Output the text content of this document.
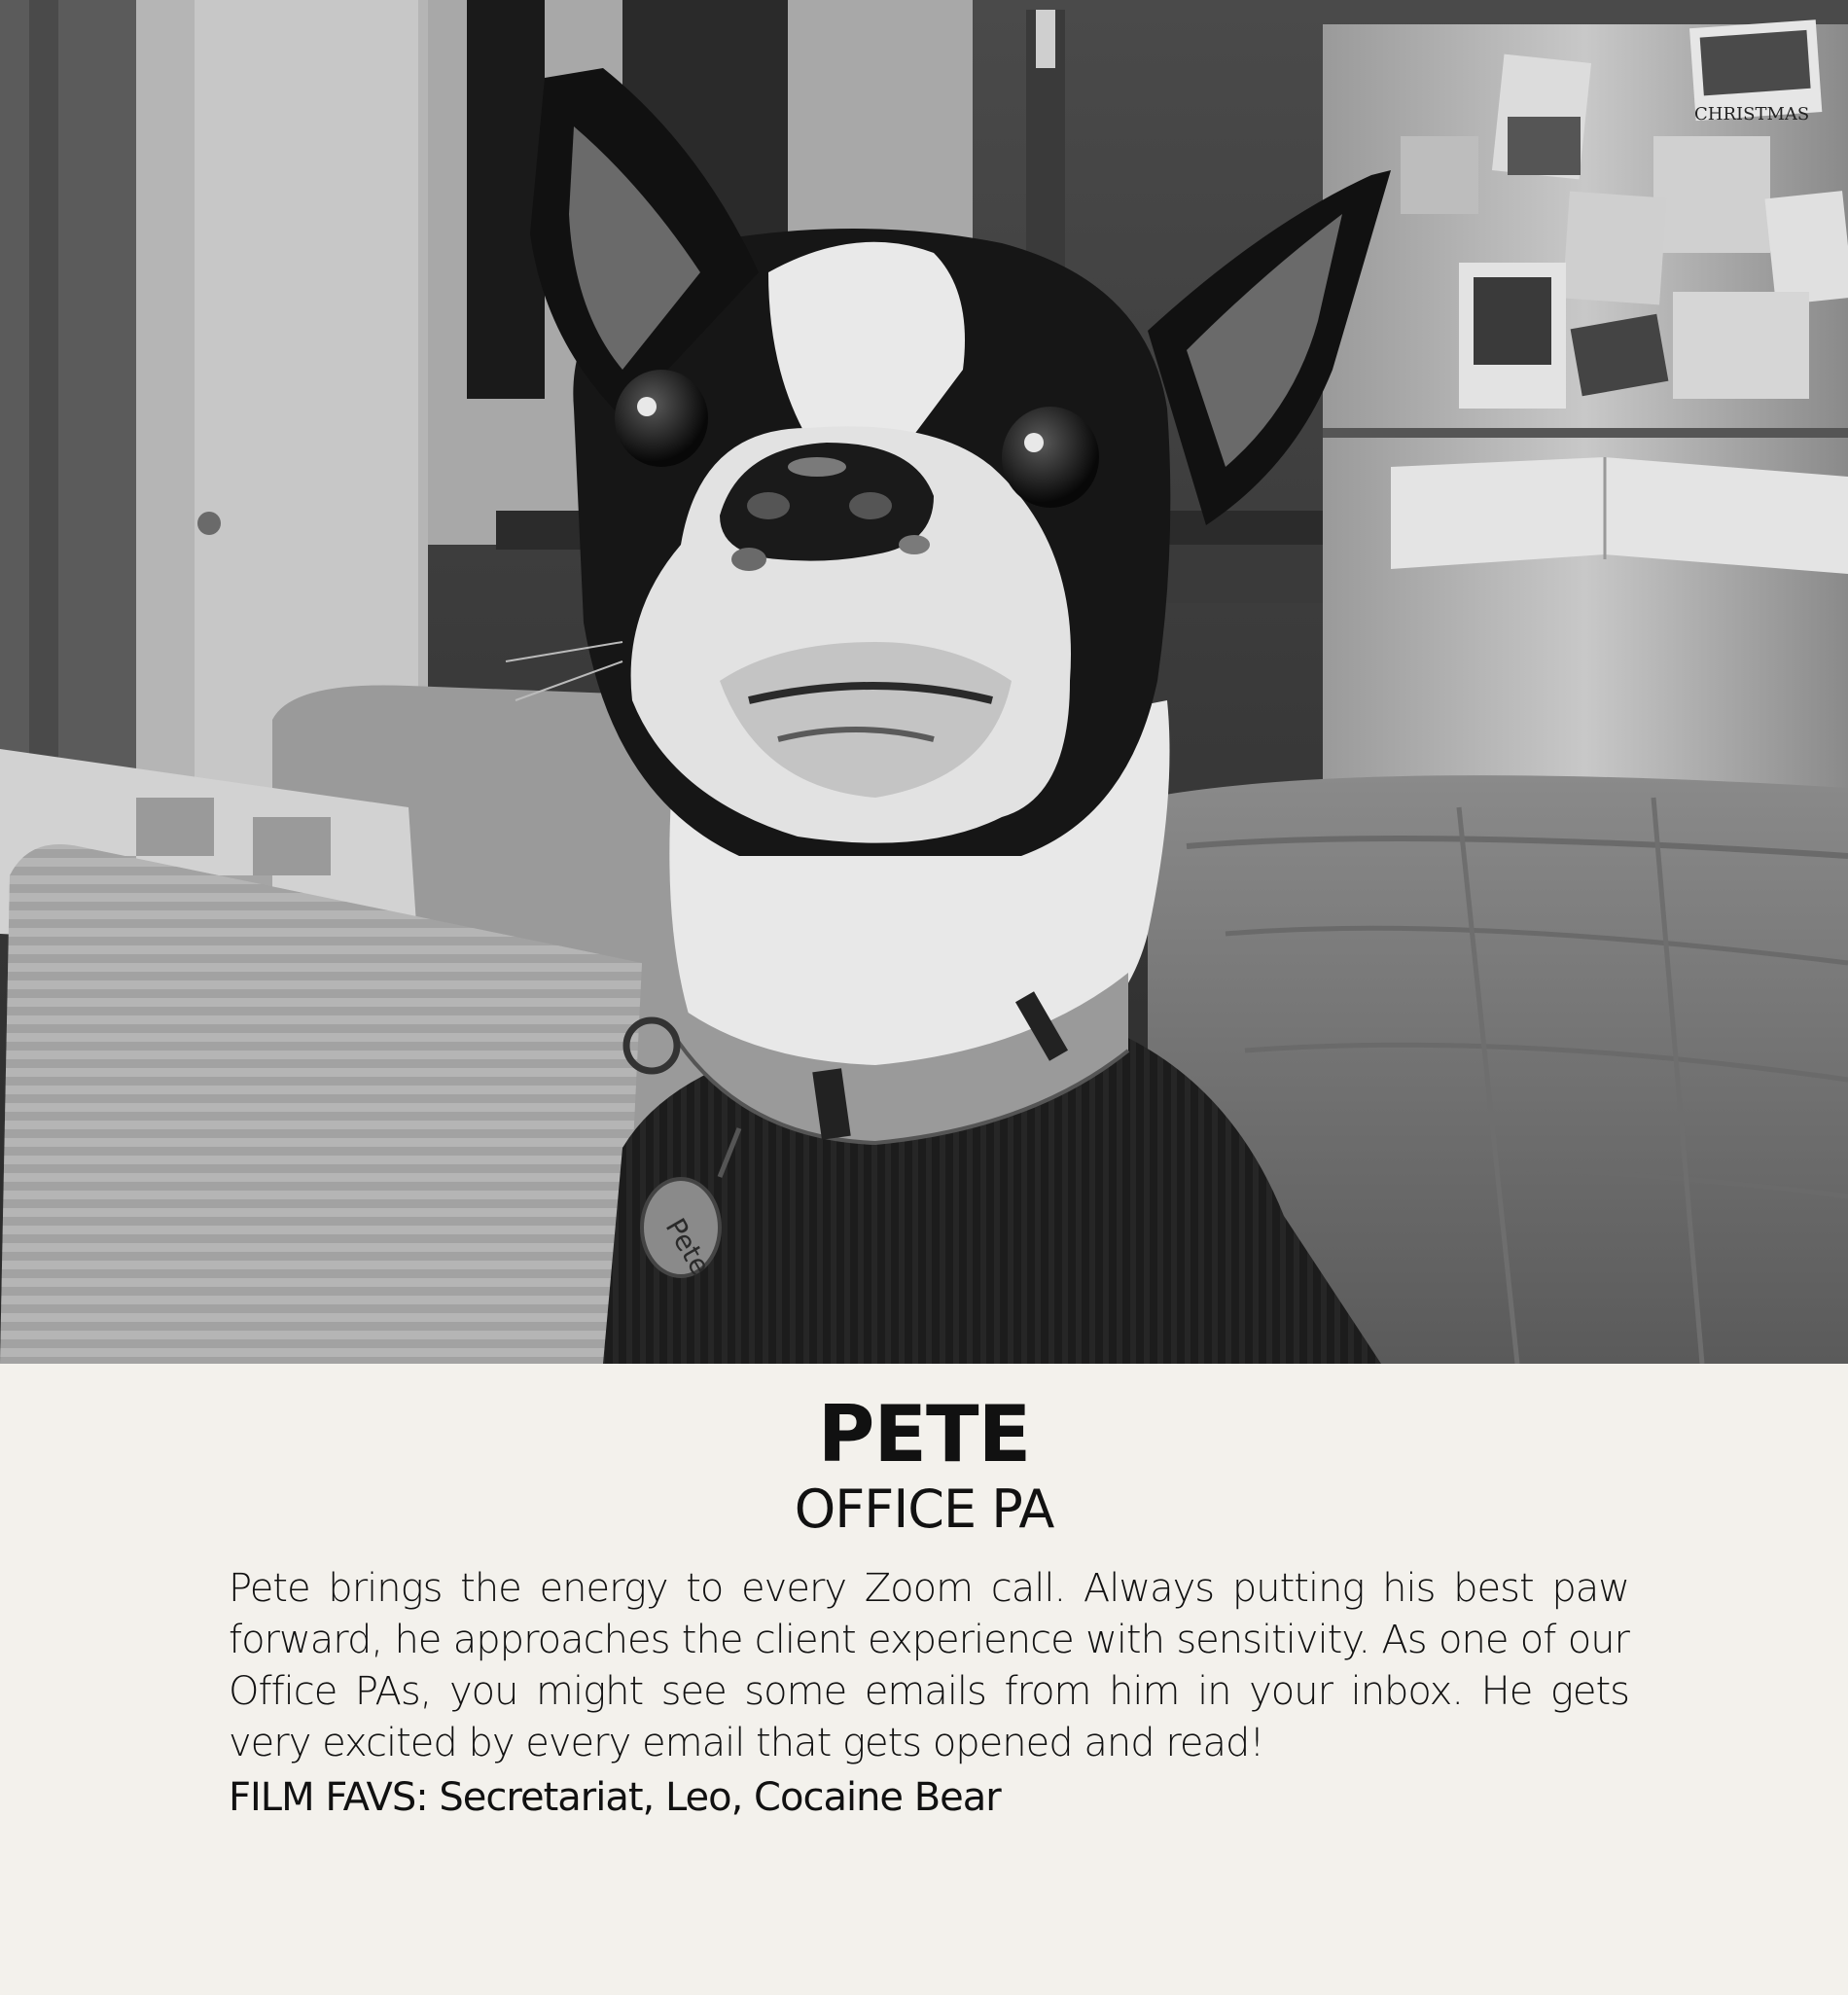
CHRISTMAS
Pete
PETE
OFFICE PA
Pete brings the energy to every Zoom call. Always putting his best paw forward, he approaches the client experience with sensitivity. As one of our Office PAs, you might see some emails from him in your inbox. He gets very excited by every email that gets opened and read!
FILM FAVS: Secretariat, Leo, Cocaine Bear
